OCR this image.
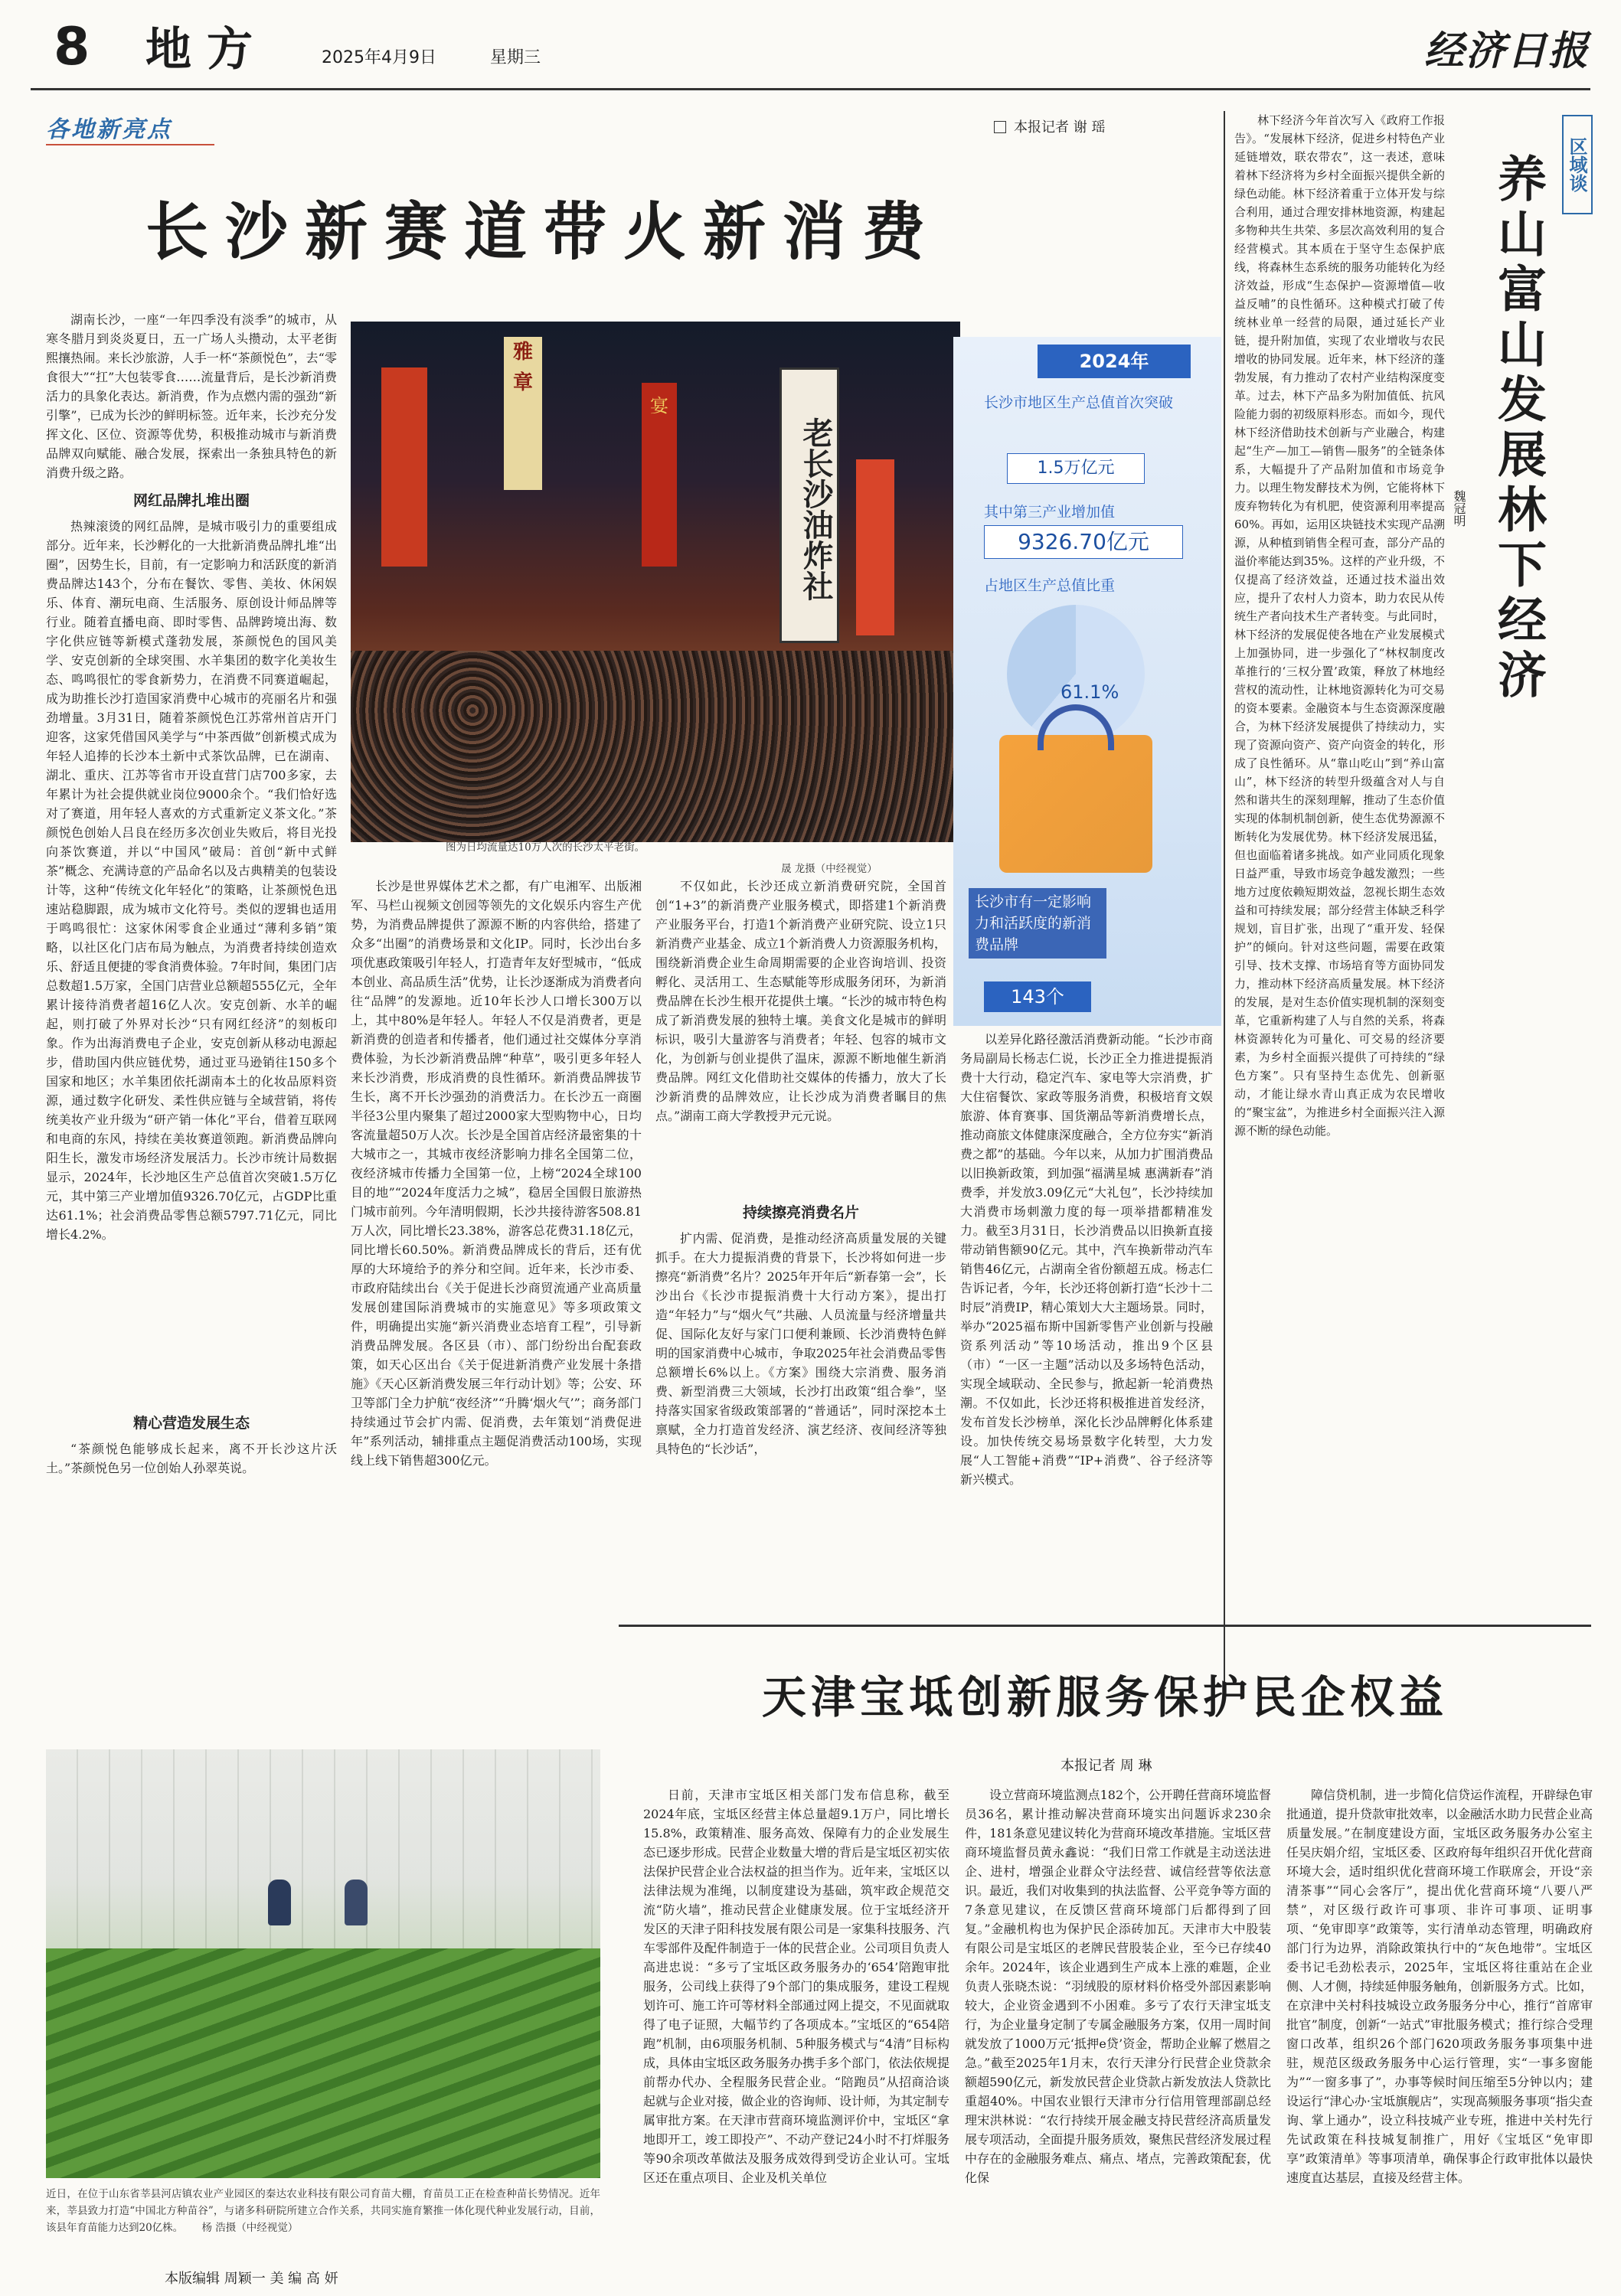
8 地方	2025年4月9日	星期三	经济日报
各地新亮点	本报记者 谢 瑶
长沙新赛道带火新消费

湖南长沙，一座“一年四季没有淡季”的城市，从寒冬腊月到炎炎夏日，五一广场人头攒动，太平老街熙攘热闹。来长沙旅游，人手一杯“茶颜悦色”，去“零食很大”“扛”大包装零食……流量背后，是长沙新消费活力的具象化表达。新消费，作为点燃内需的强劲“新引擎”，已成为长沙的鲜明标签。近年来，长沙充分发挥文化、区位、资源等优势，积极推动城市与新消费品牌双向赋能、融合发展，探索出一条独具特色的新消费升级之路。

网红品牌扎堆出圈

热辣滚烫的网红品牌，是城市吸引力的重要组成部分。近年来，长沙孵化的一大批新消费品牌扎堆“出圈”，因势生长，目前，有一定影响力和活跃度的新消费品牌达143个，分布在餐饮、零售、美妆、休闲娱乐、体育、潮玩电商、生活服务、原创设计师品牌等行业。随着直播电商、即时零售、品牌跨境出海、数字化供应链等新模式蓬勃发展，茶颜悦色的国风美学、安克创新的全球突围、水羊集团的数字化美妆生态、鸣鸣很忙的零食新势力，在消费不同赛道崛起，成为助推长沙打造国家消费中心城市的亮丽名片和强劲增量。3月31日，随着茶颜悦色江苏常州首店开门迎客，这家凭借国风美学与“中茶西做”创新模式成为年轻人追捧的长沙本土新中式茶饮品牌，已在湖南、湖北、重庆、江苏等省市开设直营门店700多家，去年累计为社会提供就业岗位9000余个。“我们恰好选对了赛道，用年轻人喜欢的方式重新定义茶文化。”茶颜悦色创始人吕良在经历多次创业失败后，将目光投向茶饮赛道，并以“中国风”破局：首创“新中式鲜茶”概念、充满诗意的产品命名以及古典精美的包装设计等，这种“传统文化年轻化”的策略，让茶颜悦色迅速站稳脚跟，成为城市文化符号。类似的逻辑也适用于鸣鸣很忙：这家休闲零食企业通过“薄利多销”策略，以社区化门店布局为触点，为消费者持续创造欢乐、舒适且便捷的零食消费体验。7年时间，集团门店总数超1.5万家，全国门店营业总额超555亿元，全年累计接待消费者超16亿人次。安克创新、水羊的崛起，则打破了外界对长沙“只有网红经济”的刻板印象。作为出海消费电子企业，安克创新从移动电源起步，借助国内供应链优势，通过亚马逊销往150多个国家和地区；水羊集团依托湖南本土的化妆品原料资源，通过数字化研发、柔性供应链与全域营销，将传统美妆产业升级为“研产销一体化”平台，借着互联网和电商的东风，持续在美妆赛道领跑。新消费品牌向阳生长，激发市场经济发展活力。长沙市统计局数据显示，2024年，长沙地区生产总值首次突破1.5万亿元，其中第三产业增加值9326.70亿元，占GDP比重达61.1%；社会消费品零售总额5797.71亿元，同比增长4.2%。

精心营造发展生态

“茶颜悦色能够成长起来，离不开长沙这片沃土。”茶颜悦色另一位创始人孙翠英说。

雅章
老长沙油炸社
宴
图为日均流量达10万人次的长沙太平老街。
晟 龙摄（中经视觉）
2024年
长沙市地区生产总值首次突破
1.5万亿元
其中第三产业增加值
9326.70亿元
占地区生产总值比重
61.1%
长沙市有一定影响力和活跃度的新消费品牌
143个

长沙是世界媒体艺术之都，有广电湘军、出版湘军、马栏山视频文创园等领先的文化娱乐内容生产优势，为消费品牌提供了源源不断的内容供给，搭建了众多“出圈”的消费场景和文化IP。同时，长沙出台多项优惠政策吸引年轻人，打造青年友好型城市，“低成本创业、高品质生活”优势，让长沙逐渐成为消费者向往“品牌”的发源地。近10年长沙人口增长300万以上，其中80%是年轻人。年轻人不仅是消费者，更是新消费的创造者和传播者，他们通过社交媒体分享消费体验，为长沙新消费品牌“种草”，吸引更多年轻人来长沙消费，形成消费的良性循环。新消费品牌拔节生长，离不开长沙强劲的消费活力。在长沙五一商圈半径3公里内聚集了超过2000家大型购物中心，日均客流量超50万人次。长沙是全国首店经济最密集的十大城市之一，其城市夜经济影响力排名全国第二位，夜经济城市传播力全国第一位，上榜“2024全球100目的地”“2024年度活力之城”，稳居全国假日旅游热门城市前列。今年清明假期，长沙共接待游客508.81万人次，同比增长23.38%，游客总花费31.18亿元，同比增长60.50%。新消费品牌成长的背后，还有优厚的大环境给予的养分和空间。近年来，长沙市委、市政府陆续出台《关于促进长沙商贸流通产业高质量发展创建国际消费城市的实施意见》等多项政策文件，明确提出实施“新兴消费业态培育工程”，引导新消费品牌发展。各区县（市）、部门纷纷出台配套政策，如天心区出台《关于促进新消费产业发展十条措施》《天心区新消费发展三年行动计划》等；公安、环卫等部门全力护航“夜经济”“升腾‘烟火气’”；商务部门持续通过节会扩内需、促消费，去年策划“消费促进年”系列活动，辅排重点主题促消费活动100场，实现线上线下销售超300亿元。

不仅如此，长沙还成立新消费研究院，全国首创“1+3”的新消费产业服务模式，即搭建1个新消费产业服务平台，打造1个新消费产业研究院、设立1只新消费产业基金、成立1个新消费人力资源服务机构，围绕新消费企业生命周期需要的企业咨询培训、投资孵化、灵活用工、生态赋能等形成服务闭环，为新消费品牌在长沙生根开花提供土壤。“长沙的城市特色构成了新消费发展的独特土壤。美食文化是城市的鲜明标识，吸引大量游客与消费者；年轻、包容的城市文化，为创新与创业提供了温床，源源不断地催生新消费品牌。网红文化借助社交媒体的传播力，放大了长沙新消费的品牌效应，让长沙成为消费者瞩目的焦点。”湖南工商大学教授尹元元说。

持续擦亮消费名片

扩内需、促消费，是推动经济高质量发展的关键抓手。在大力提振消费的背景下，长沙将如何进一步擦亮“新消费”名片？2025年开年后“新春第一会”，长沙出台《长沙市提振消费十大行动方案》，提出打造“年轻力”与“烟火气”共融、人员流量与经济增量共促、国际化友好与家门口便利兼顾、长沙消费特色鲜明的国家消费中心城市，争取2025年社会消费品零售总额增长6%以上。《方案》围绕大宗消费、服务消费、新型消费三大领域，长沙打出政策“组合拳”，坚持落实国家省级政策部署的“普通话”，同时深挖本土禀赋，全力打造首发经济、演艺经济、夜间经济等独具特色的“长沙话”，

以差异化路径激活消费新动能。“长沙市商务局副局长杨志仁说，长沙正全力推进提振消费十大行动，稳定汽车、家电等大宗消费，扩大住宿餐饮、家政等服务消费，积极培育文娱旅游、体育赛事、国货潮品等新消费增长点，推动商旅文体健康深度融合，全方位夯实“新消费之都”的基础。今年以来，从加力扩围消费品以旧换新政策，到加强“福满星城 惠满新春”消费季，并发放3.09亿元“大礼包”，长沙持续加大消费市场刺激力度的每一项举措都精准发力。截至3月31日，长沙消费品以旧换新直接带动销售额90亿元。其中，汽车换新带动汽车销售46亿元，占湖南全省份额超五成。杨志仁告诉记者，今年，长沙还将创新打造“长沙十二时辰”消费IP，精心策划大大主题场景。同时，举办“2025福布斯中国新零售产业创新与投融资系列活动”等10场活动，推出9个区县（市）“一区一主题”活动以及多场特色活动，实现全域联动、全民参与，掀起新一轮消费热潮。不仅如此，长沙还将积极推进首发经济，发布首发长沙榜单，深化长沙品牌孵化体系建设。加快传统交易场景数字化转型，大力发展“人工智能+消费”“IP+消费”、谷子经济等新兴模式。

区域谈
养山富山发展林下经济
魏冠明

林下经济今年首次写入《政府工作报告》。“发展林下经济，促进乡村特色产业延链增效，联农带农”，这一表述，意味着林下经济将为乡村全面振兴提供全新的绿色动能。林下经济着重于立体开发与综合利用，通过合理安排林地资源，构建起多物种共生共荣、多层次高效利用的复合经营模式。其本质在于坚守生态保护底线，将森林生态系统的服务功能转化为经济效益，形成“生态保护—资源增值—收益反哺”的良性循环。这种模式打破了传统林业单一经营的局限，通过延长产业链，提升附加值，实现了农业增收与农民增收的协同发展。近年来，林下经济的蓬勃发展，有力推动了农村产业结构深度变革。过去，林下产品多为附加值低、抗风险能力弱的初级原料形态。而如今，现代林下经济借助技术创新与产业融合，构建起“生产—加工—销售—服务”的全链条体系，大幅提升了产品附加值和市场竞争力。以理生物发酵技术为例，它能将林下废弃物转化为有机肥，使资源利用率提高60%。再如，运用区块链技术实现产品溯源，从种植到销售全程可查，部分产品的溢价率能达到35%。这样的产业升级，不仅提高了经济效益，还通过技术溢出效应，提升了农村人力资本，助力农民从传统生产者向技术生产者转变。与此同时，林下经济的发展促使各地在产业发展模式上加强协同，进一步强化了“林权制度改革推行的‘三权分置’政策，释放了林地经营权的流动性，让林地资源转化为可交易的资本要素。金融资本与生态资源深度融合，为林下经济发展提供了持续动力，实现了资源向资产、资产向资金的转化，形成了良性循环。从“靠山吃山”到“养山富山”，林下经济的转型升级蕴含对人与自然和谐共生的深刻理解，推动了生态价值实现的体制机制创新，使生态优势源源不断转化为发展优势。林下经济发展迅猛，但也面临着诸多挑战。如产业同质化现象日益严重，导致市场竞争越发激烈；一些地方过度依赖短期效益，忽视长期生态效益和可持续发展；部分经营主体缺乏科学规划，盲目扩张，出现了“重开发、轻保护”的倾向。针对这些问题，需要在政策引导、技术支撑、市场培育等方面协同发力，推动林下经济高质量发展。林下经济的发展，是对生态价值实现机制的深刻变革，它重新构建了人与自然的关系，将森林资源转化为可量化、可交易的经济要素，为乡村全面振兴提供了可持续的“绿色方案”。只有坚持生态优先、创新驱动，才能让绿水青山真正成为农民增收的“聚宝盆”，为推进乡村全面振兴注入源源不断的绿色动能。

天津宝坻创新服务保护民企权益
本报记者 周 琳

日前，天津市宝坻区相关部门发布信息称，截至2024年底，宝坻区经营主体总量超9.1万户，同比增长15.8%，政策精准、服务高效、保障有力的企业发展生态已逐步形成。民营企业数量大增的背后是宝坻区初实依法保护民营企业合法权益的担当作为。近年来，宝坻区以法律法规为准绳，以制度建设为基础，筑牢政企规范交流“防火墙”，推动民营企业健康发展。位于宝坻经济开发区的天津子阳科技发展有限公司是一家集科技服务、汽车零部件及配件制造于一体的民营企业。公司项目负责人高进忠说：“多亏了宝坻区政务服务办的‘654’陪跑审批服务，公司线上获得了9个部门的集成服务，建设工程规划许可、施工许可等材料全部通过网上提交，不见面就取得了电子证照，大幅节约了各项成本。”宝坻区的“654陪跑”机制，由6项服务机制、5种服务模式与“4清”目标构成，具体由宝坻区政务服务办携手多个部门，依法依规提前帮办代办、全程服务民营企业。“陪跑员”从招商洽谈起就与企业对接，做企业的咨询师、设计师，为其定制专属审批方案。在天津市营商环境监测评价中，宝坻区“拿地即开工，竣工即投产”、不动产登记24小时不打烊服务等90余项改革做法及服务成效得到受访企业认可。宝坻区还在重点项目、企业及机关单位

设立营商环境监测点182个，公开聘任营商环境监督员36名，累计推动解决营商环境实出问题诉求230余件，181条意见建议转化为营商环境改革措施。宝坻区营商环境监督员黄永鑫说：“我们日常工作就是主动送法进企、进村，增强企业群众守法经营、诚信经营等依法意识。最近，我们对收集到的执法监督、公平竞争等方面的7条意见建议，在反馈区营商环境部门后都得到了回复。”金融机构也为保护民企添砖加瓦。天津市大中股装有限公司是宝坻区的老牌民营股装企业，至今已存续40余年。2024年，该企业遇到生产成本上涨的难题，企业负责人张晓杰说：“羽绒股的原材料价格受外部因素影响较大，企业资金遇到不小困难。多亏了农行天津宝坻支行，为企业量身定制了专属金融服务方案，仅用一周时间就发放了1000万元‘抵押e贷’资金，帮助企业解了燃眉之急。”截至2025年1月末，农行天津分行民营企业贷款余额超590亿元，新发放民营企业贷款占新发放法人贷款比重超40%。中国农业银行天津市分行信用管理部副总经理宋洪林说：“农行持续开展金融支持民营经济高质量发展专项活动，全面提升服务质效，聚焦民营经济发展过程中存在的金融服务难点、痛点、堵点，完善政策配套，优化保

障信贷机制，进一步简化信贷运作流程，开辟绿色审批通道，提升贷款审批效率，以金融活水助力民营企业高质量发展。”在制度建设方面，宝坻区政务服务办公室主任吴庆娟介绍，宝坻区委、区政府每年组织召开优化营商环境大会，适时组织优化营商环境工作联席会，开设“亲清茶事”“同心会客厅”，提出优化营商环境“八要八严禁”，对区级行政许可事项、非许可事项、证明事项、“免审即享”政策等，实行清单动态管理，明确政府部门行为边界，消除政策执行中的“灰色地带”。宝坻区委书记毛劲松表示，2025年，宝坻区将往重站在企业侧、人才侧，持续延伸服务触角，创新服务方式。比如，在京津中关村科技城设立政务服务分中心，推行“首席审批官”制度，创新“一站式”审批服务模式；推行综合受理窗口改革，组织26个部门620项政务服务事项集中进驻，规范区级政务服务中心运行管理，实“一事多窗能为”“一窗多事了”，办事等候时间压缩至5分钟以内；建设运行“津心办·宝坻旗舰店”，实现高频服务事项“指尖查询、掌上通办”，设立科技城产业专班，推进中关村先行先试政策在科技城复制推广，用好《宝坻区“免审即享”政策清单》等事项清单，确保事企行政审批体以最快速度直达基层，直接及经营主体。

近日，在位于山东省莘县河店镇农业产业园区的秦达农业科技有限公司育苗大棚，育苗员工正在检查种苗长势情况。近年来，莘县致力打造“中国北方种苗谷”，与诸多科研院所建立合作关系，共同实施育繁推一体化现代种业发展行动，目前，该县年育苗能力达到20亿株。 杨 浩摄（中经视觉）
本版编辑 周颖一 美 编 高 妍
